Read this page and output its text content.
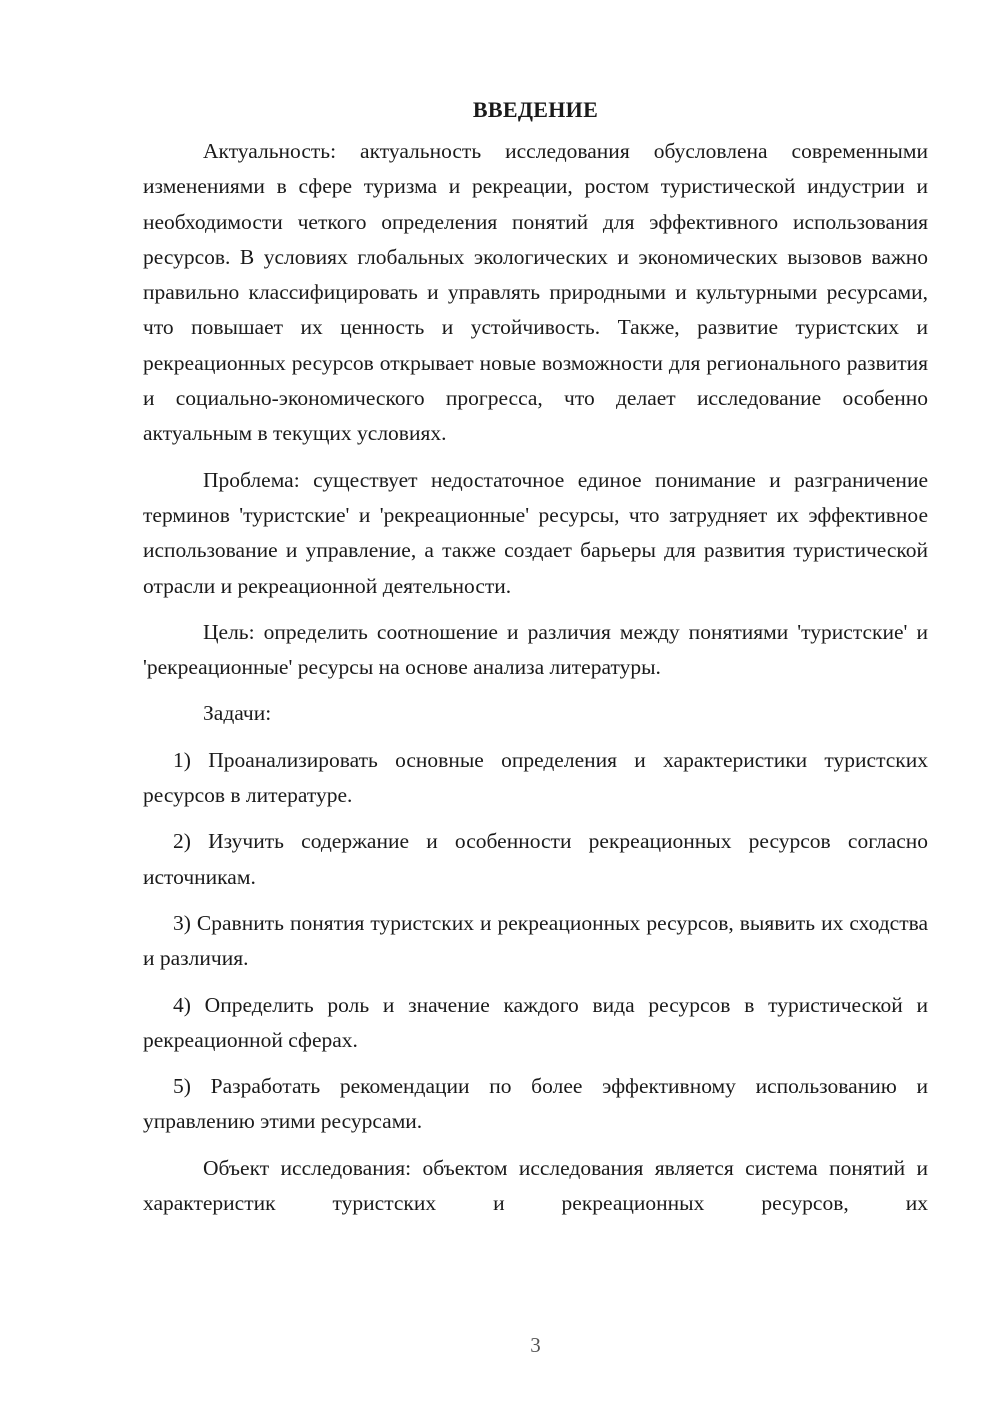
ВВЕДЕНИЕ

Актуальность: актуальность исследования обусловлена современными изменениями в сфере туризма и рекреации, ростом туристической индустрии и необходимости четкого определения понятий для эффективного использования ресурсов. В условиях глобальных экологических и экономических вызовов важно правильно классифицировать и управлять природными и культурными ресурсами, что повышает их ценность и устойчивость. Также, развитие туристских и рекреационных ресурсов открывает новые возможности для регионального развития и социально-экономического прогресса, что делает исследование особенно актуальным в текущих условиях.

Проблема: существует недостаточное единое понимание и разграничение терминов 'туристские' и 'рекреационные' ресурсы, что затрудняет их эффективное использование и управление, а также создает барьеры для развития туристической отрасли и рекреационной деятельности.

Цель: определить соотношение и различия между понятиями 'туристские' и 'рекреационные' ресурсы на основе анализа литературы.

Задачи:

1) Проанализировать основные определения и характеристики туристских ресурсов в литературе.

2) Изучить содержание и особенности рекреационных ресурсов согласно источникам.

3) Сравнить понятия туристских и рекреационных ресурсов, выявить их сходства и различия.

4) Определить роль и значение каждого вида ресурсов в туристической и рекреационной сферах.

5) Разработать рекомендации по более эффективному использованию и управлению этими ресурсами.

Объект исследования: объектом исследования является система понятий и характеристик туристских и рекреационных ресурсов, их

3
